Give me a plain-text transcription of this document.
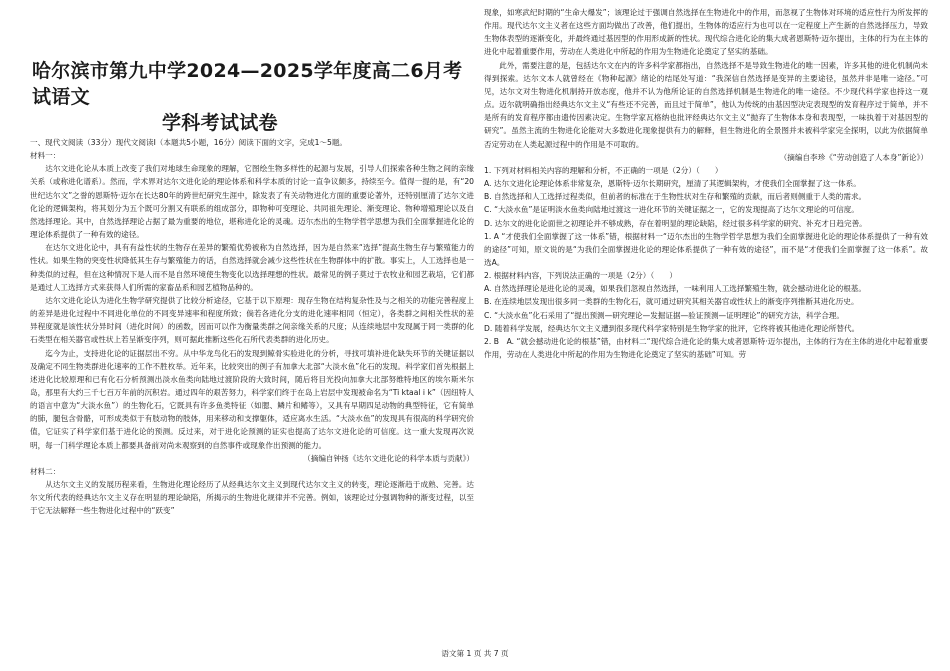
哈尔滨市第九中学2024—2025学年度高二6月考试语文
学科考试试卷

一、现代文阅读（33分）现代文阅读Ⅰ（本题共5小题，16分）阅读下面的文字，完成1～5题。

材料一：

达尔文进化论从本质上改变了我们对地球生命现象的理解，它图绘生物多样性的起源与发展，引导人们探索各种生物之间的亲缘关系（或称进化谱系）。然而，学术界对达尔文进化论的理论体系和科学本质的讨论一直争议颇多，持续至今。值得一提的是，有“20世纪达尔文”之誉的恩斯特·迈尔在长达80年的跨世纪研究生涯中，除发表了有关动物进化方面的重要论著外，还特别厘清了达尔文进化论的逻辑架构，将其划分为五个既可分割又有联系的组成部分，即物种可变理论、共同祖先理论、渐变理论、物种增殖理论以及自然选择理论。其中，自然选择理论占据了最为重要的地位，堪称进化论的灵魂。迈尔杰出的生物学哲学思想为我们全面掌握进化论的理论体系提供了一种有效的途径。

在达尔文进化论中，具有有益性状的生物存在差异的繁殖优势被称为自然选择，因为是自然来“选择”提高生物生存与繁殖能力的性状。如果生物的突变性状降低其生存与繁殖能力的话，自然选择就会减少这些性状在生物群体中的扩散。事实上，人工选择也是一种类似的过程，但在这种情况下是人而不是自然环境使生物变化以选择理想的性状。最常见的例子莫过于农牧业和园艺栽培，它们都是通过人工选择方式来获得人们所需的家畜品系和园艺植物品种的。

达尔文进化论认为进化生物学研究提供了比较分析途径，它基于以下原理：现存生物在结构复杂性及与之相关的功能完善程度上的差异是进化过程中不同进化单位的不同变异速率和程度所致；倘若各进化分支的进化速率相同（恒定），各类群之间相关性状的差异程度就是该性状分异时间（进化时间）的函数，因而可以作为衡量类群之间亲缘关系的尺度；从连续地层中发现属于同一类群的化石类型在相关器官或性状上若呈渐变序列，则可据此推断这些化石所代表类群的进化历史。

迄今为止，支持进化论的证据层出不穷。从中华龙鸟化石的发现到鲸骨实验进化的分析，寻找可填补进化缺失环节的关键证据以及确定不同生物类群进化速率的工作不胜枚举。近年来，比较突出的例子有加拿大北部“大淡水鱼”化石的发现。科学家们首先根据上述进化比较原理和已有化石分析预测出淡水鱼类向陆地过渡阶段的大致时间，随后将目光投向加拿大北部努维特地区的埃尔斯米尔岛，那里有大约三千七百万年前的沉积岩。通过四年的艰苦努力，科学家们终于在岛上岩层中发现被命名为“Ti ktaal i k”（因纽特人的语言中意为“大淡水鱼”）的生物化石，它既具有许多鱼类特征（如腮、鳞片和鳍等），又具有早期四足动物的典型特征，它有简单的肺，腿包含骨骼，可形成类似于有肢动物的肢体，用来移动和支撑躯体，适应离水生活。“大淡水鱼”的发现具有很高的科学研究价值，它证实了科学家们基于进化论的预测。反过来，对于进化论预测的证实也提高了达尔文进化论的可信度。这一重大发现再次说明，每一门科学理论本质上都要具备前对尚未观察到的自然事件或现象作出预测的能力。

（摘编自钟扬《达尔文进化论的科学本质与贡献》）

材料二：

从达尔文主义的发展历程来看，生物进化理论经历了从经典达尔文主义到现代达尔文主义的转变，理论逐渐趋于成熟、完善。达尔文所代表的经典达尔文主义存在明显的理论缺陷，所揭示的生物进化规律并不完善。例如，该理论过分强调物种的渐变过程，以至于它无法解释一些生物进化过程中的“跃变”

现象，如寒武纪时期的“生命大爆发”；该理论过于强调自然选择在生物进化中的作用，而忽视了生物体对环境的适应性行为所发挥的作用。现代达尔文主义者在这些方面均做出了改善，他们提出，生物体的适应行为也可以在一定程度上产生新的自然选择压力，导致生物体表型的逐渐变化，并最终通过基因型的作用形成新的性状。现代综合进化论的集大成者恩斯特·迈尔提出，主体的行为在主体的进化中起着重要作用，劳动在人类进化中所起的作用为生物进化论奠定了坚实的基础。

此外，需要注意的是，包括达尔文在内的许多科学家都指出，自然选择不是导致生物进化的唯一因素，许多其他的进化机制尚未得到探索。达尔文本人就曾经在《物种起源》绪论的结尾处写道：“我深信自然选择是变异的主要途径，虽然并非是唯一途径。”可见，达尔文对生物进化机制持开放态度，他并不认为他所论证的自然选择机制是生物进化的唯一途径。不少现代科学家也持这一观点。迈尔就明确指出经典达尔文主义“有些还不完善，而且过于简单”，他认为传统的由基因型决定表现型的发育程序过于简单，并不是所有的发育程序都由遗传因素决定。生物学家瓦格纳也批评经典达尔文主义“抛弃了生物体本身和表现型，一味执着于对基因型的研究”。虽然主流的生物进化论能对大多数进化现象提供有力的解释，但生物进化的全景图并未被科学家完全探明，以此为依据简单否定劳动在人类起源过程中的作用是不可取的。

（摘编自李珍《“劳动创造了人本身”新论》）

1. 下列对材料相关内容的理解和分析，不正确的一项是（2分）（　　）

A. 达尔文进化论理论体系非常复杂，恩斯特·迈尔长期研究，厘清了其逻辑架构，才使我们全面掌握了这一体系。

B. 自然选择和人工选择过程类似，但前者的标准在于生物性状对生存和繁殖的贡献，而后者则侧重于人类的需求。

C. “大淡水鱼”是证明淡水鱼类向陆地过渡这一进化环节的关键证据之一，它的发现提高了达尔文理论的可信度。

D. 达尔文的进化论面世之初理论并不够成熟，存在着明显的理论缺陷，经过很多科学家的研究、补充才日趋完善。

1. A “才使我们全面掌握了这一体系”错，根据材料一“迈尔杰出的生物学哲学思想为我们全面掌握进化论的理论体系提供了一种有效的途径”可知，原文说的是“为我们全面掌握进化论的理论体系提供了一种有效的途径”，而不是“才使我们全面掌握了这一体系”。故选A。

2. 根据材料内容，下列说法正确的一项是（2分）（　　）

A. 自然选择理论是进化论的灵魂，如果我们忽视自然选择，一味利用人工选择繁殖生物，就会撼动进化论的根基。

B. 在连续地层发现出很多同一类群的生物化石，就可通过研究其相关器官或性状上的渐变序列推断其进化历史。

C. “大淡水鱼”化石采用了“提出预测—研究理论—发掘证据—验证预测—证明理论”的研究方法，科学合理。

D. 随着科学发展，经典达尔文主义遭到很多现代科学家特别是生物学家的批评，它终将被其他进化理论所替代。

2. B　A. “就会撼动进化论的根基”错，由材料二“现代综合进化论的集大成者恩斯特·迈尔提出，主体的行为在主体的进化中起着重要作用，劳动在人类进化中所起的作用为生物进化论奠定了坚实的基础”可知。劳

语文第 1 页 共 7 页
